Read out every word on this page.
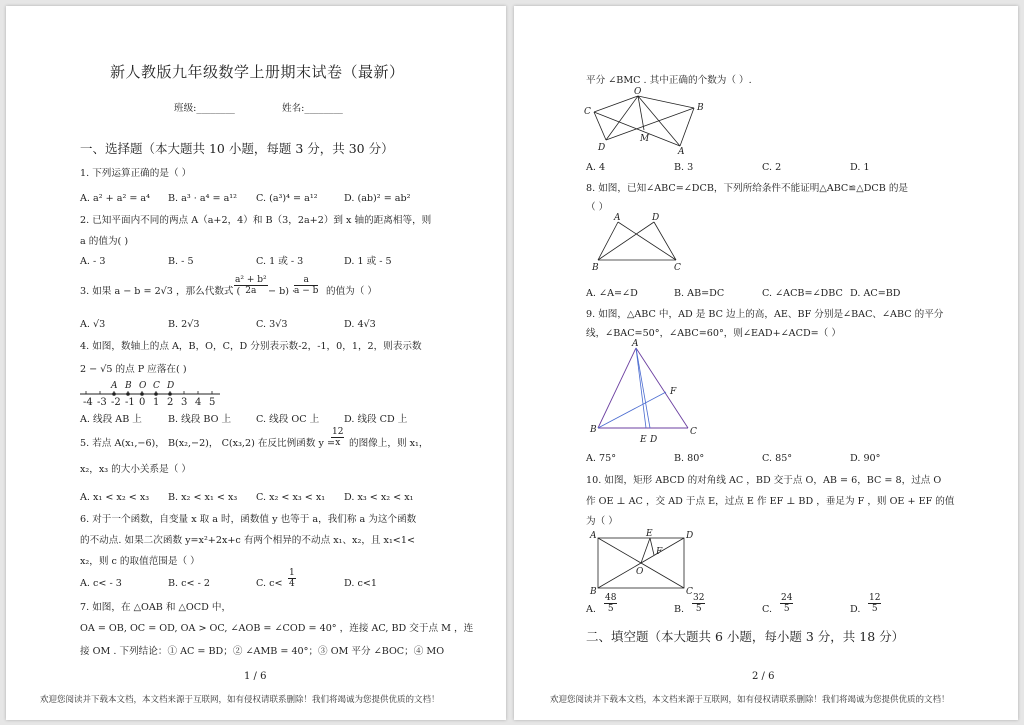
新人教版九年级数学上册期末试卷（最新）
班级:________	姓名:________
一、选择题（本大题共 10 小题，每题 3 分，共 30 分）
1. 下列运算正确的是（ ）
A. a² + a² = a⁴ B. a³ · a⁴ = a¹² C. (a³)⁴ = a¹²	D. (ab)² = ab²
2. 已知平面内不同的两点 A（a+2，4）和 B（3，2a+2）到 x 轴的距离相等，则
a 的值为( )
A. - 3	B. - 5	C. 1 或 - 3	D. 1 或 - 5
3. 如果 a − b = 2√3 ，那么代数式 (
$\frac{\text{a² + b²}}{2a} - b$) ·
$\frac{a}{a - b}$ 的值为（ ）
A. √3	B. 2√3	C. 3√3	D. 4√3
4. 如图，数轴上的点 A，B，O，C，D 分别表示数-2，-1，0，1，2，则表示数
2 − √5 的点 P 应落在( )
-4 -3 -2 -1 0 1 2 3 4 5
A B O C D
A. 线段 AB 上	B. 线段 BO 上	C. 线段 OC 上	D. 线段 CD 上
5. 若点 A(x₁,−6)， B(x₂,−2)， C(x₃,2) 在反比例函数 y =
$\frac{12}{x}$ 的图像上，则 x₁，
x₂，x₃ 的大小关系是（ ）
A. x₁ < x₂ < x₃ B. x₂ < x₁ < x₃ C. x₂ < x₃ < x₁ D. x₃ < x₂ < x₁
6. 对于一个函数，自变量 x 取 a 时，函数值 y 也等于 a，我们称 a 为这个函数
的不动点. 如果二次函数 y=x²+2x+c 有两个相异的不动点 x₁、x₂，且 x₁<1<
x₂，则 c 的取值范围是（ ）
A. c< - 3	B. c< - 2	C. $c< \frac{1}{4}$	D. c<1
7. 如图，在 △OAB 和 △OCD 中，
OA = OB, OC = OD, OA > OC, ∠AOB = ∠COD = 40° ，连接 AC, BD 交于点 M ，连
接 OM . 下列结论：① AC = BD；② ∠AMB = 40°；③ OM 平分 ∠BOC；④ MO
1 / 6
欢迎您阅读并下载本文档，本文档来源于互联网，如有侵权请联系删除！我们将竭诚为您提供优质的文档！
平分 ∠BMC . 其中正确的个数为（ ）.
O
C	B
D
M
A
A. 4	B. 3	C. 2	D. 1
8. 如图，已知∠ABC=∠DCB，下列所给条件不能证明△ABC≌△DCB 的是
（ ）
A	D
B	C
A. ∠A=∠D	B. AB=DC	C. ∠ACB=∠DBC D. AC=BD
9. 如图，△ABC 中，AD 是 BC 边上的高，AE、BF 分别是∠BAC、∠ABC 的平分
线，∠BAC=50°，∠ABC=60°，则∠EAD+∠ACD=（ ）
A
F
B
E D
C
A. 75°	B. 80°	C. 85°	D. 90°
10. 如图，矩形 ABCD 的对角线 AC ，BD 交于点 O，AB = 6，BC = 8，过点 O
作 OE ⊥ AC ，交 AD 于点 E，过点 E 作 EF ⊥ BD ，垂足为 F ，则 OE + EF 的值
为（ ）
A	E	D
F
O
B	C
A. $\frac{48}{5}$	B. $\frac{32}{5}$	C. $\frac{24}{5}$	D. $\frac{12}{5}$
二、填空题（本大题共 6 小题，每小题 3 分，共 18 分）
2 / 6
欢迎您阅读并下载本文档，本文档来源于互联网，如有侵权请联系删除！我们将竭诚为您提供优质的文档！
